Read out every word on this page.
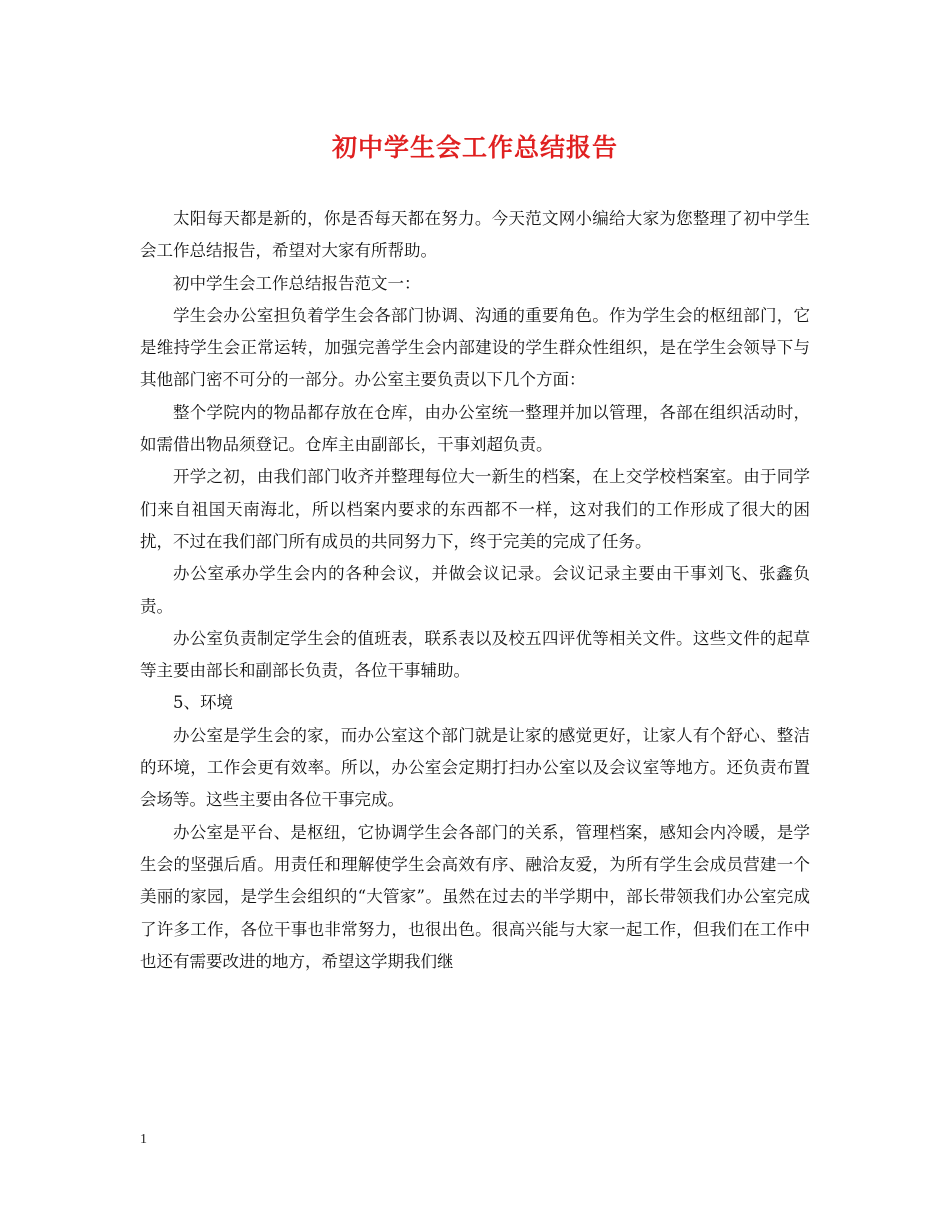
初中学生会工作总结报告

太阳每天都是新的，你是否每天都在努力。今天范文网小编给大家为您整理了初中学生会工作总结报告，希望对大家有所帮助。

初中学生会工作总结报告范文一：

学生会办公室担负着学生会各部门协调、沟通的重要角色。作为学生会的枢纽部门，它是维持学生会正常运转，加强完善学生会内部建设的学生群众性组织，是在学生会领导下与其他部门密不可分的一部分。办公室主要负责以下几个方面：

整个学院内的物品都存放在仓库，由办公室统一整理并加以管理，各部在组织活动时，如需借出物品须登记。仓库主由副部长，干事刘超负责。

开学之初，由我们部门收齐并整理每位大一新生的档案，在上交学校档案室。由于同学们来自祖国天南海北，所以档案内要求的东西都不一样，这对我们的工作形成了很大的困扰，不过在我们部门所有成员的共同努力下，终于完美的完成了任务。

办公室承办学生会内的各种会议，并做会议记录。会议记录主要由干事刘飞、张鑫负责。

办公室负责制定学生会的值班表，联系表以及校五四评优等相关文件。这些文件的起草等主要由部长和副部长负责，各位干事辅助。

5、环境

办公室是学生会的家，而办公室这个部门就是让家的感觉更好，让家人有个舒心、整洁的环境，工作会更有效率。所以，办公室会定期打扫办公室以及会议室等地方。还负责布置会场等。这些主要由各位干事完成。

办公室是平台、是枢纽，它协调学生会各部门的关系，管理档案，感知会内冷暖，是学生会的坚强后盾。用责任和理解使学生会高效有序、融洽友爱，为所有学生会成员营建一个美丽的家园，是学生会组织的“大管家”。虽然在过去的半学期中，部长带领我们办公室完成了许多工作，各位干事也非常努力，也很出色。很高兴能与大家一起工作，但我们在工作中也还有需要改进的地方，希望这学期我们继

1
